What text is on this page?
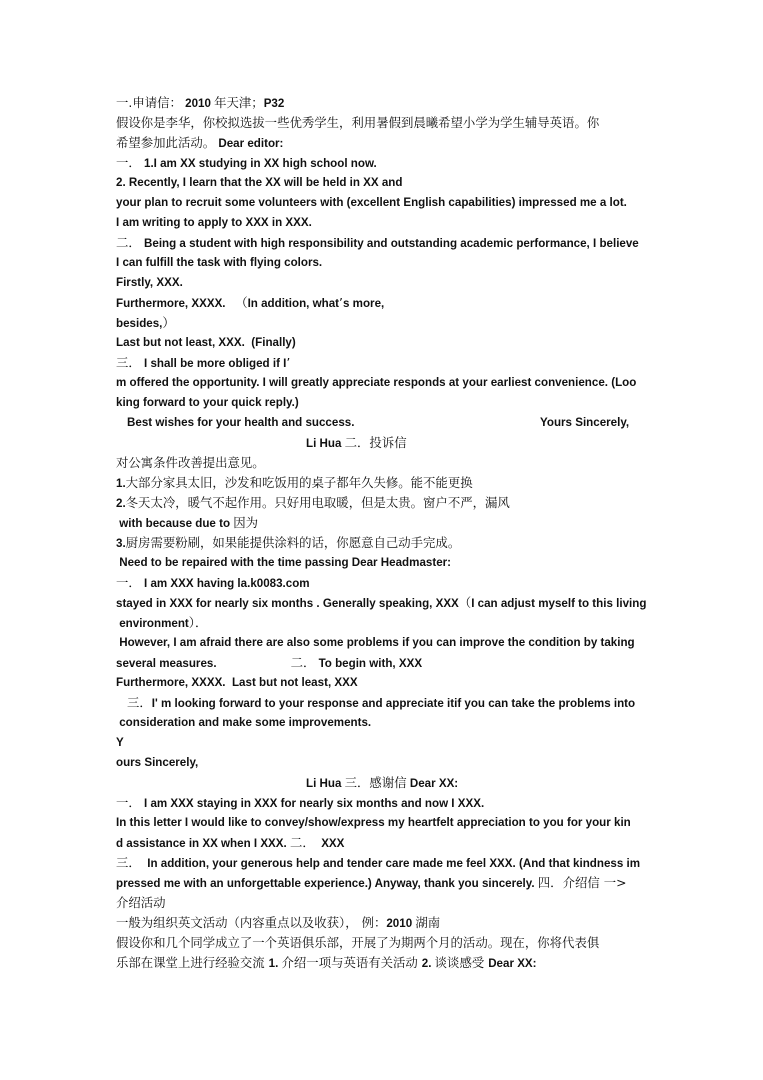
一.申请信： 2010 年天津；P32
假设你是李华，你校拟选拔一些优秀学生，利用暑假到晨曦希望小学为学生辅导英语。你
希望参加此活动。 Dear editor:
一． 1.I am XX studying in XX high school now.
2. Recently, I learn that the XX will be held in XX and
your plan to recruit some volunteers with (excellent English capabilities) impressed me a lot.
I am writing to apply to XXX in XXX.
二． Being a student with high responsibility and outstanding academic performance, I believe
I can fulfill the task with flying colors.
Firstly, XXX.
Furthermore, XXXX.   （In addition, what’s more,
besides,）
Last but not least, XXX.  (Finally)
三． I shall be more obliged if I’
m offered the opportunity. I will greatly appreciate responds at your earliest convenience. (Loo
king forward to your quick reply.)
Best wishes for your health and success.	Yours Sincerely,
Li Hua 二．投诉信
对公寓条件改善提出意见。
1.大部分家具太旧，沙发和吃饭用的桌子都年久失修。能不能更换
2.冬天太冷，暖气不起作用。只好用电取暖，但是太贵。窗户不严，漏风
with because due to 因为
3.厨房需要粉刷，如果能提供涂料的话，你愿意自己动手完成。
Need to be repaired with the time passing Dear Headmaster:
一． I am XXX having la.k0083.com
stayed in XXX for nearly six months . Generally speaking, XXX（I can adjust myself to this living
environment）．
However, I am afraid there are also some problems if you can improve the condition by taking
several measures.	二． To begin with, XXX
Furthermore, XXXX.  Last but not least, XXX
三．I' m looking forward to your response and appreciate itif you can take the problems into
consideration and make some improvements.
Y
ours Sincerely,
Li Hua 三．感谢信 Dear XX:
一． I am XXX staying in XXX for nearly six months and now I XXX.
In this letter I would like to convey/show/express my heartfelt appreciation to you for your kin
d assistance in XX when I XXX. 二．  XXX
三．  In addition, your generous help and tender care made me feel XXX. (And that kindness im
pressed me with an unforgettable experience.) Anyway, thank you sincerely. 四．介绍信 一>
介绍活动
一般为组织英文活动（内容重点以及收获）， 例：2010 湖南
假设你和几个同学成立了一个英语俱乐部，开展了为期两个月的活动。现在，你将代表俱
乐部在课堂上进行经验交流 1. 介绍一项与英语有关活动 2. 谈谈感受 Dear XX:
